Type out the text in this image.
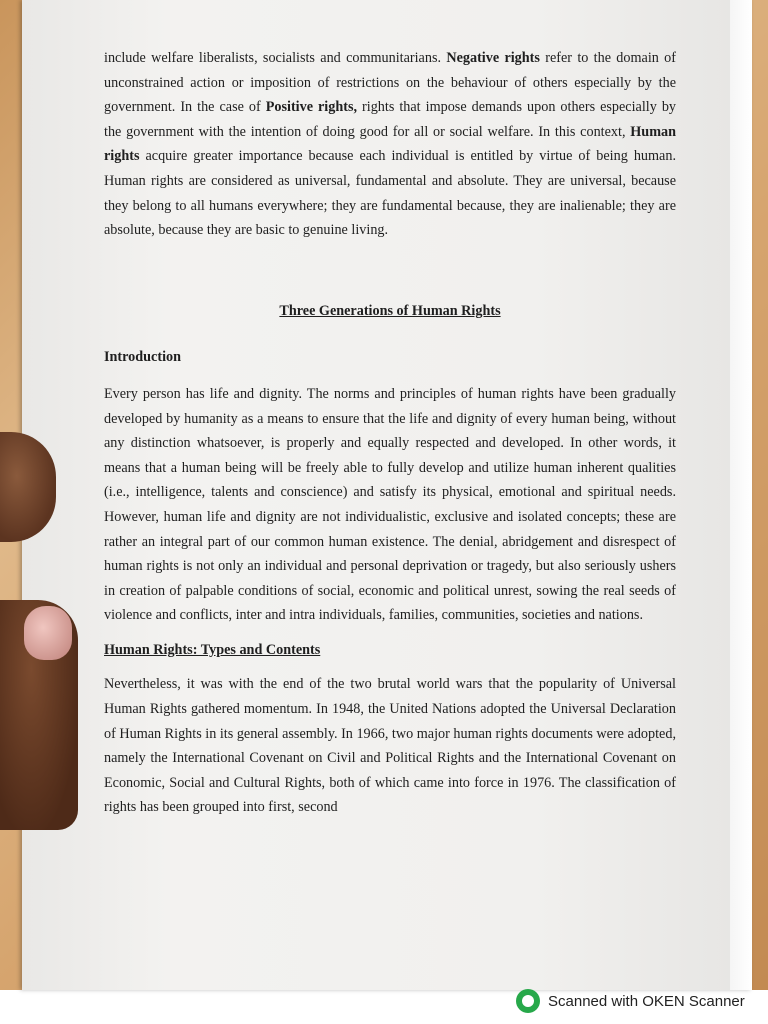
include welfare liberalists, socialists and communitarians. Negative rights refer to the domain of unconstrained action or imposition of restrictions on the behaviour of others especially by the government. In the case of Positive rights, rights that impose demands upon others especially by the government with the intention of doing good for all or social welfare. In this context, Human rights acquire greater importance because each individual is entitled by virtue of being human. Human rights are considered as universal, fundamental and absolute. They are universal, because they belong to all humans everywhere; they are fundamental because, they are inalienable; they are absolute, because they are basic to genuine living.

Three Generations of Human Rights

Introduction

Every person has life and dignity. The norms and principles of human rights have been gradually developed by humanity as a means to ensure that the life and dignity of every human being, without any distinction whatsoever, is properly and equally respected and developed. In other words, it means that a human being will be freely able to fully develop and utilize human inherent qualities (i.e., intelligence, talents and conscience) and satisfy its physical, emotional and spiritual needs. However, human life and dignity are not individualistic, exclusive and isolated concepts; these are rather an integral part of our common human existence. The denial, abridgement and disrespect of human rights is not only an individual and personal deprivation or tragedy, but also seriously ushers in creation of palpable conditions of social, economic and political unrest, sowing the real seeds of violence and conflicts, inter and intra individuals, families, communities, societies and nations.

Human Rights: Types and Contents

Nevertheless, it was with the end of the two brutal world wars that the popularity of Universal Human Rights gathered momentum. In 1948, the United Nations adopted the Universal Declaration of Human Rights in its general assembly. In 1966, two major human rights documents were adopted, namely the International Covenant on Civil and Political Rights and the International Covenant on Economic, Social and Cultural Rights, both of which came into force in 1976. The classification of rights has been grouped into first, second

Scanned with OKEN Scanner
